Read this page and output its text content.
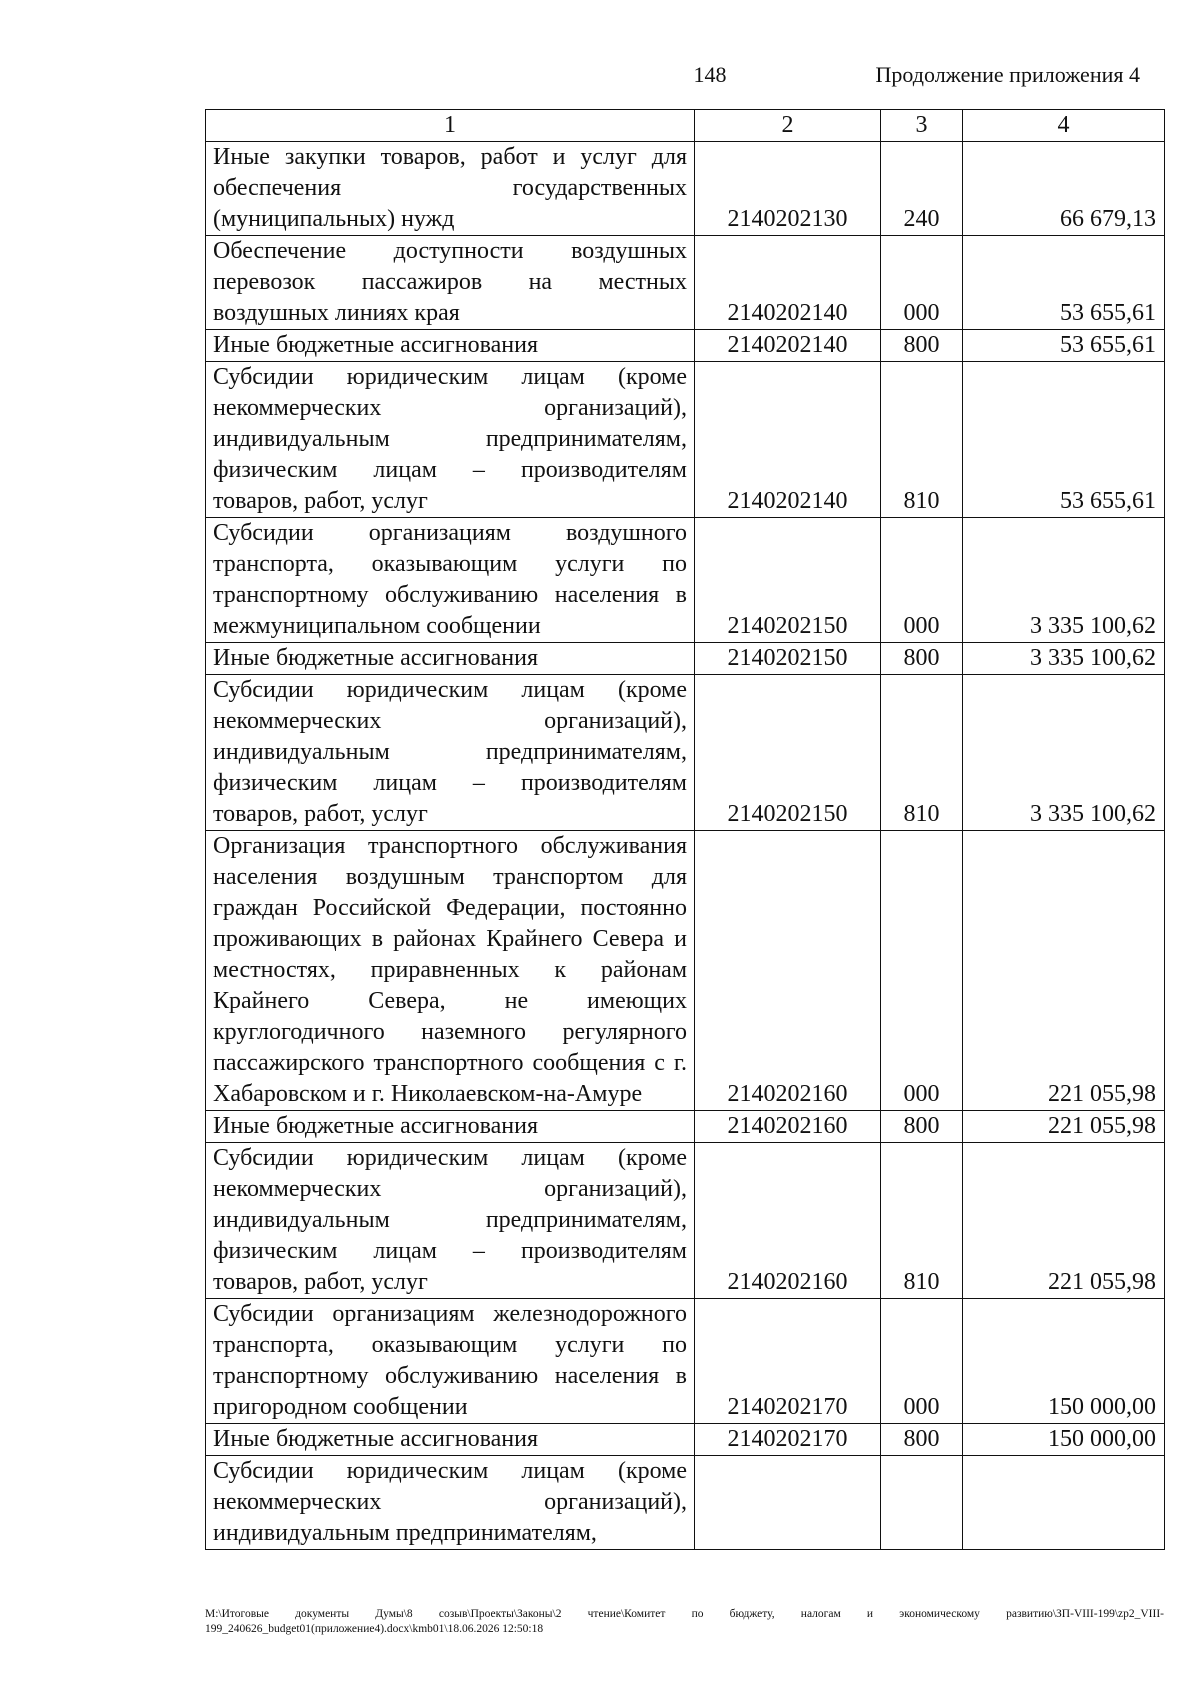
148	Продолжение приложения 4
1	2	3	4
Иные закупки товаров, работ и услуг для обеспечения государственных (муниципальных) нужд	2140202130	240	66 679,13
Обеспечение доступности воздушных перевозок пассажиров на местных воздушных линиях края	2140202140	000	53 655,61
Иные бюджетные ассигнования	2140202140	800	53 655,61
Субсидии юридическим лицам (кроме некоммерческих организаций), индивидуальным предпринимателям, физическим лицам – производителям товаров, работ, услуг	2140202140	810	53 655,61
Субсидии организациям воздушного транспорта, оказывающим услуги по транспортному обслуживанию населения в межмуниципальном сообщении	2140202150	000	3 335 100,62
Иные бюджетные ассигнования	2140202150	800	3 335 100,62
Субсидии юридическим лицам (кроме некоммерческих организаций), индивидуальным предпринимателям, физическим лицам – производителям товаров, работ, услуг	2140202150	810	3 335 100,62
Организация транспортного обслуживания населения воздушным транспортом для граждан Российской Федерации, постоянно проживающих в районах Крайнего Севера и местностях, приравненных к районам Крайнего Севера, не имеющих круглогодичного наземного регулярного пассажирского транспортного сообщения с г. Хабаровском и г. Николаевском-на-Амуре	2140202160	000	221 055,98
Иные бюджетные ассигнования	2140202160	800	221 055,98
Субсидии юридическим лицам (кроме некоммерческих организаций), индивидуальным предпринимателям, физическим лицам – производителям товаров, работ, услуг	2140202160	810	221 055,98
Субсидии организациям железнодорожного транспорта, оказывающим услуги по транспортному обслуживанию населения в пригородном сообщении	2140202170	000	150 000,00
Иные бюджетные ассигнования	2140202170	800	150 000,00
Субсидии юридическим лицам (кроме некоммерческих организаций), индивидуальным предпринимателям,			
M:\Итоговые документы Думы\8 созыв\Проекты\Законы\2 чтение\Комитет по бюджету, налогам и экономическому развитию\ЗП-VIII-199\zp2_VIII-199_240626_budget01(приложение4).docx\kmb01\18.06.2026 12:50:18
